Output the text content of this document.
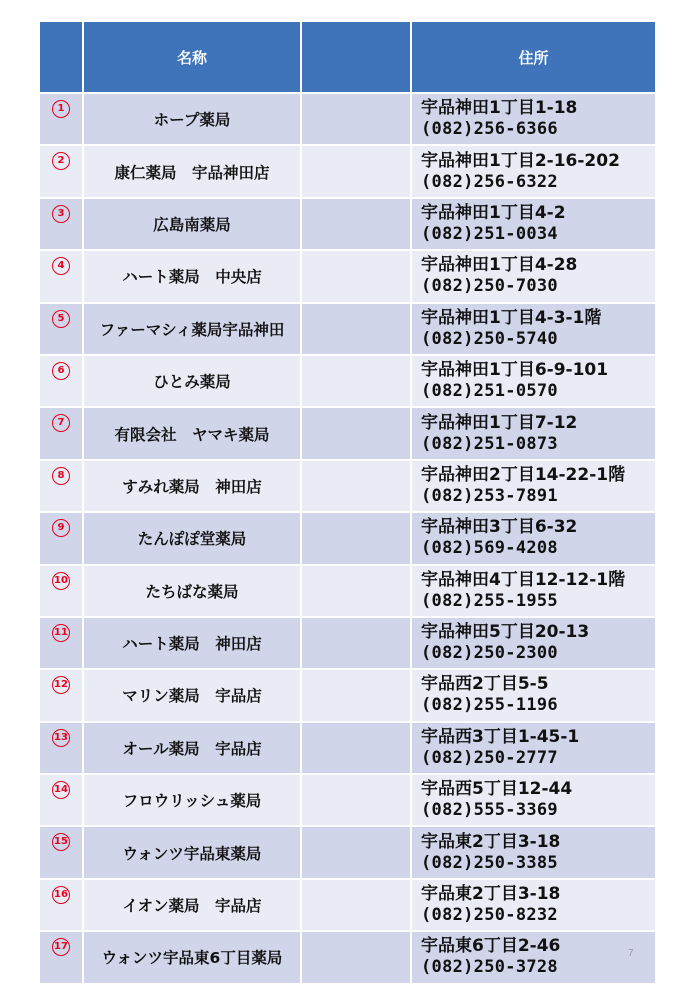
	名称		住所
1	ホープ薬局		宇品神田1丁目1-18
(082)256-6366

2	康仁薬局　宇品神田店		宇品神田1丁目2-16-202
(082)256-6322

3	広島南薬局		宇品神田1丁目4-2
(082)251-0034

4	ハート薬局　中央店		宇品神田1丁目4-28
(082)250-7030

5	ファーマシィ薬局宇品神田		宇品神田1丁目4-3-1階
(082)250-5740

6	ひとみ薬局		宇品神田1丁目6-9-101
(082)251-0570

7	有限会社　ヤマキ薬局		宇品神田1丁目7-12
(082)251-0873

8	すみれ薬局　神田店		宇品神田2丁目14-22-1階
(082)253-7891

9	たんぽぽ堂薬局		宇品神田3丁目6-32
(082)569-4208

10	たちばな薬局		宇品神田4丁目12-12-1階
(082)255-1955

11	ハート薬局　神田店		宇品神田5丁目20-13
(082)250-2300

12	マリン薬局　宇品店		宇品西2丁目5-5
(082)255-1196

13	オール薬局　宇品店		宇品西3丁目1-45-1
(082)250-2777

14	フロウリッシュ薬局		宇品西5丁目12-44
(082)555-3369

15	ウォンツ宇品東薬局		宇品東2丁目3-18
(082)250-3385

16	イオン薬局　宇品店		宇品東2丁目3-18
(082)250-8232

17	ウォンツ宇品東6丁目薬局		宇品東6丁目2-46
(082)250-3728
7
